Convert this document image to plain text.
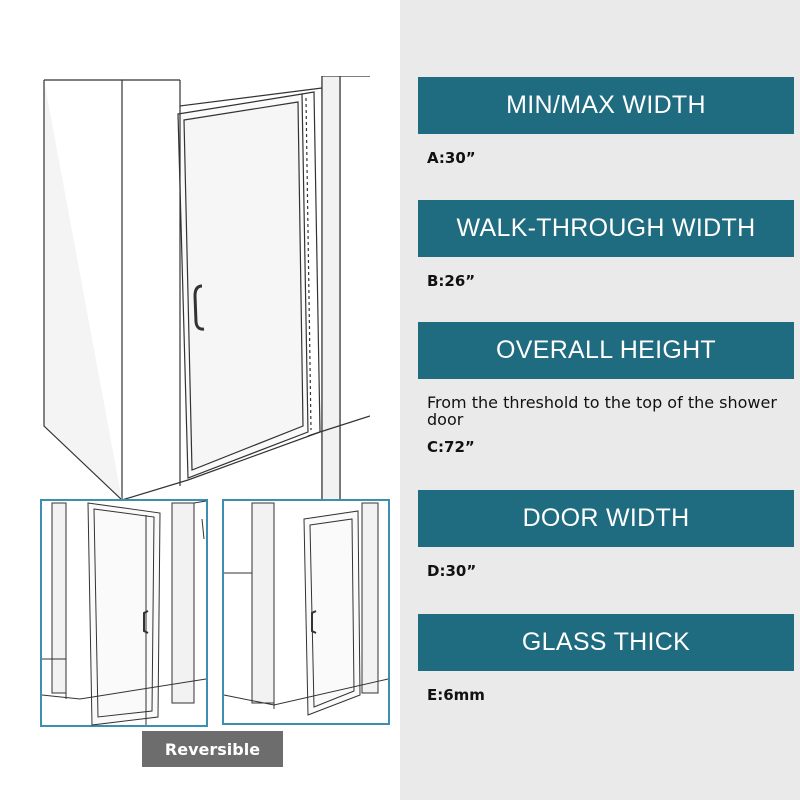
MIN/MAX WIDTH
A:30”
WALK-THROUGH WIDTH
B:26”
OVERALL HEIGHT
From the threshold to the top of the shower door
C:72”
DOOR WIDTH
D:30”
GLASS THICK
E:6mm
Reversible
